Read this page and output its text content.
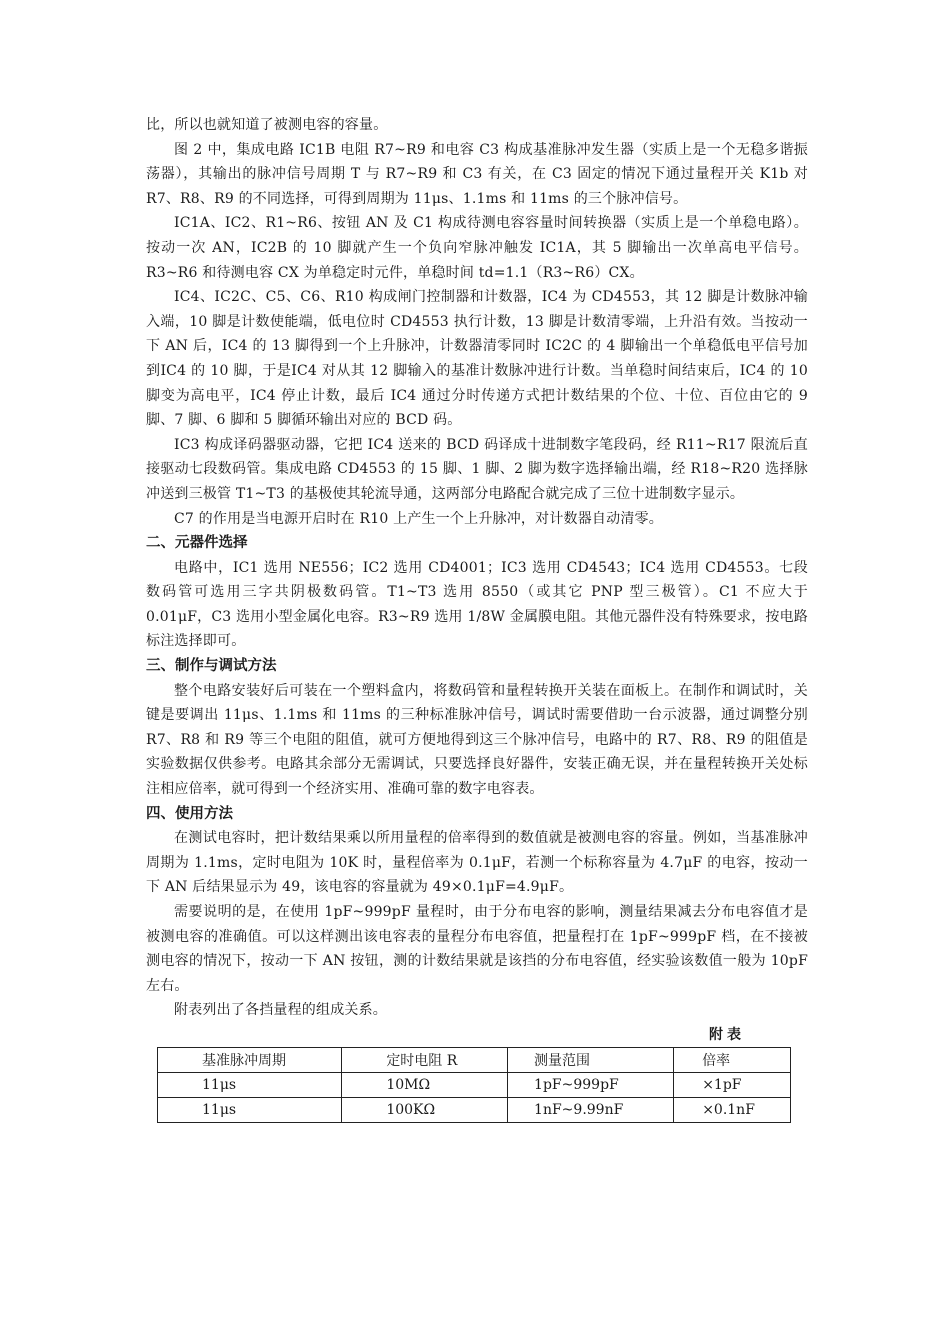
比，所以也就知道了被测电容的容量。

图 2 中，集成电路 IC1B 电阻 R7~R9 和电容 C3 构成基准脉冲发生器（实质上是一个无稳多谐振荡器），其输出的脉冲信号周期 T 与 R7~R9 和 C3 有关，在 C3 固定的情况下通过量程开关 K1b 对 R7、R8、R9 的不同选择，可得到周期为 11μs、1.1ms 和 11ms 的三个脉冲信号。

IC1A、IC2、R1~R6、按钮 AN 及 C1 构成待测电容容量时间转换器（实质上是一个单稳电路）。按动一次 AN，IC2B 的 10 脚就产生一个负向窄脉冲触发 IC1A，其 5 脚输出一次单高电平信号。R3~R6 和待测电容 CX 为单稳定时元件，单稳时间 td=1.1（R3~R6）CX。

IC4、IC2C、C5、C6、R10 构成闸门控制器和计数器，IC4 为 CD4553，其 12 脚是计数脉冲输入端，10 脚是计数使能端，低电位时 CD4553 执行计数，13 脚是计数清零端，上升沿有效。当按动一下 AN 后，IC4 的 13 脚得到一个上升脉冲，计数器清零同时 IC2C 的 4 脚输出一个单稳低电平信号加到IC4 的 10 脚，于是IC4 对从其 12 脚输入的基准计数脉冲进行计数。当单稳时间结束后，IC4 的 10 脚变为高电平，IC4 停止计数，最后 IC4 通过分时传递方式把计数结果的个位、十位、百位由它的 9 脚、7 脚、6 脚和 5 脚循环输出对应的 BCD 码。

IC3 构成译码器驱动器，它把 IC4 送来的 BCD 码译成十进制数字笔段码，经 R11~R17 限流后直接驱动七段数码管。集成电路 CD4553 的 15 脚、1 脚、2 脚为数字选择输出端，经 R18~R20 选择脉冲送到三极管 T1~T3 的基极使其轮流导通，这两部分电路配合就完成了三位十进制数字显示。

C7 的作用是当电源开启时在 R10 上产生一个上升脉冲，对计数器自动清零。

二、元器件选择

电路中，IC1 选用 NE556；IC2 选用 CD4001；IC3 选用 CD4543；IC4 选用 CD4553。七段数码管可选用三字共阴极数码管。T1~T3 选用 8550（或其它 PNP 型三极管）。C1 不应大于 0.01μF，C3 选用小型金属化电容。R3~R9 选用 1/8W 金属膜电阻。其他元器件没有特殊要求，按电路标注选择即可。

三、制作与调试方法

整个电路安装好后可装在一个塑料盒内，将数码管和量程转换开关装在面板上。在制作和调试时，关键是要调出 11μs、1.1ms 和 11ms 的三种标准脉冲信号，调试时需要借助一台示波器，通过调整分别 R7、R8 和 R9 等三个电阻的阻值，就可方便地得到这三个脉冲信号，电路中的 R7、R8、R9 的阻值是实验数据仅供参考。电路其余部分无需调试，只要选择良好器件，安装正确无误，并在量程转换开关处标注相应倍率，就可得到一个经济实用、准确可靠的数字电容表。

四、使用方法

在测试电容时，把计数结果乘以所用量程的倍率得到的数值就是被测电容的容量。例如，当基准脉冲周期为 1.1ms，定时电阻为 10K 时，量程倍率为 0.1μF，若测一个标称容量为 4.7μF 的电容，按动一下 AN 后结果显示为 49，该电容的容量就为 49×0.1μF=4.9μF。

需要说明的是，在使用 1pF~999pF 量程时，由于分布电容的影响，测量结果减去分布电容值才是被测电容的准确值。可以这样测出该电容表的量程分布电容值，把量程打在 1pF~999pF 档，在不接被测电容的情况下，按动一下 AN 按钮，测的计数结果就是该挡的分布电容值，经实验该数值一般为 10pF 左右。

附表列出了各挡量程的组成关系。

附表
基准脉冲周期	定时电阻 R	测量范围	倍率
11μs	10MΩ	1pF~999pF	×1pF
11μs	100KΩ	1nF~9.99nF	×0.1nF
